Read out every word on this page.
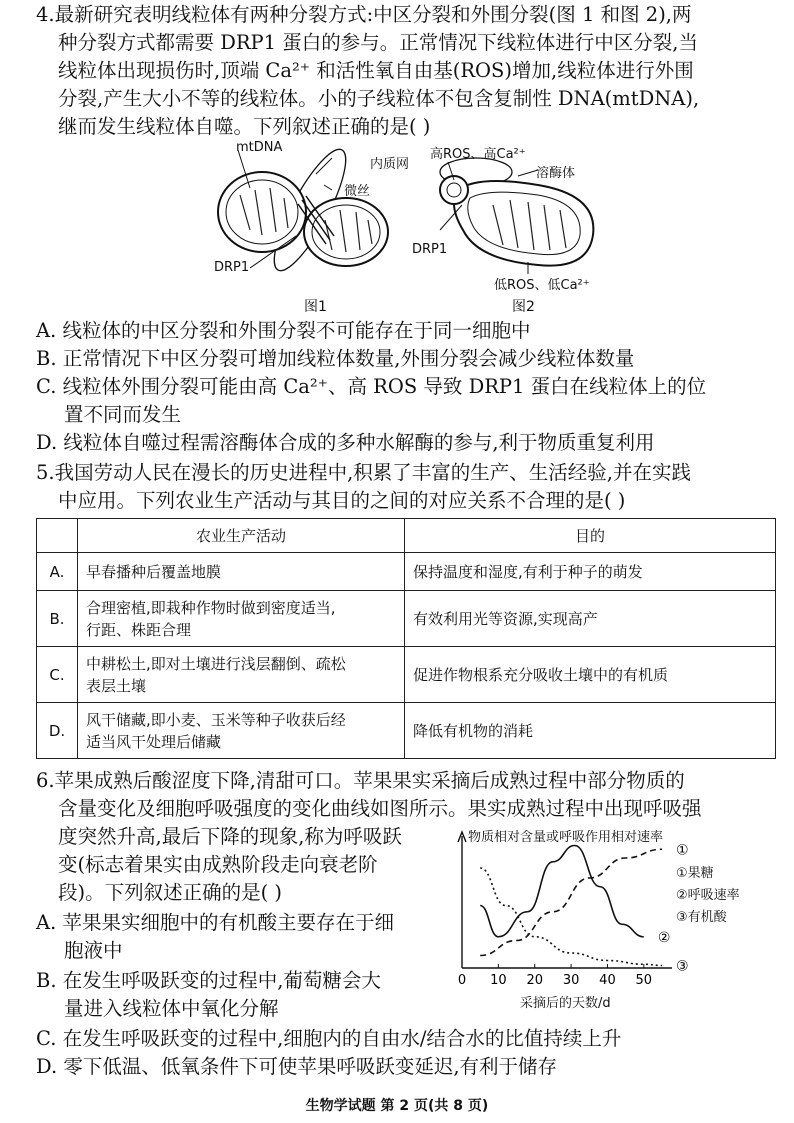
4.最新研究表明线粒体有两种分裂方式:中区分裂和外围分裂(图 1 和图 2),两
种分裂方式都需要 DRP1 蛋白的参与。正常情况下线粒体进行中区分裂,当
线粒体出现损伤时,顶端 Ca²⁺ 和活性氧自由基(ROS)增加,线粒体进行外围
分裂,产生大小不等的线粒体。小的子线粒体不包含复制性 DNA(mtDNA),
继而发生线粒体自噬。下列叙述正确的是( )
mtDNA
内质网
微丝
DRP1
图1
高ROS、高Ca²⁺
溶酶体
DRP1
低ROS、低Ca²⁺
图2
A. 线粒体的中区分裂和外围分裂不可能存在于同一细胞中
B. 正常情况下中区分裂可增加线粒体数量,外围分裂会减少线粒体数量
C. 线粒体外围分裂可能由高 Ca²⁺、高 ROS 导致 DRP1 蛋白在线粒体上的位
置不同而发生
D. 线粒体自噬过程需溶酶体合成的多种水解酶的参与,利于物质重复利用
5.我国劳动人民在漫长的历史进程中,积累了丰富的生产、生活经验,并在实践
中应用。下列农业生产活动与其目的之间的对应关系不合理的是( )
	农业生产活动	目的
A.	早春播种后覆盖地膜	保持温度和湿度,有利于种子的萌发
B.	合理密植,即栽种作物时做到密度适当,
行距、株距合理	有效利用光等资源,实现高产
C.	中耕松土,即对土壤进行浅层翻倒、疏松
表层土壤	促进作物根系充分吸收土壤中的有机质
D.	风干储藏,即小麦、玉米等种子收获后经
适当风干处理后储藏	降低有机物的消耗
6.苹果成熟后酸涩度下降,清甜可口。苹果果实采摘后成熟过程中部分物质的
含量变化及细胞呼吸强度的变化曲线如图所示。果实成熟过程中出现呼吸强
度突然升高,最后下降的现象,称为呼吸跃
变(标志着果实由成熟阶段走向衰老阶
段)。下列叙述正确的是( )
A. 苹果果实细胞中的有机酸主要存在于细
胞液中
B. 在发生呼吸跃变的过程中,葡萄糖会大
量进入线粒体中氧化分解
C. 在发生呼吸跃变的过程中,细胞内的自由水/结合水的比值持续上升
D. 零下低温、低氧条件下可使苹果呼吸跃变延迟,有利于储存
0 10 20 30 40 50
①
②
③
物质相对含量或呼吸作用相对速率
①果糖
②呼吸速率
③有机酸
采摘后的天数/d
生物学试题 第 2 页(共 8 页)
